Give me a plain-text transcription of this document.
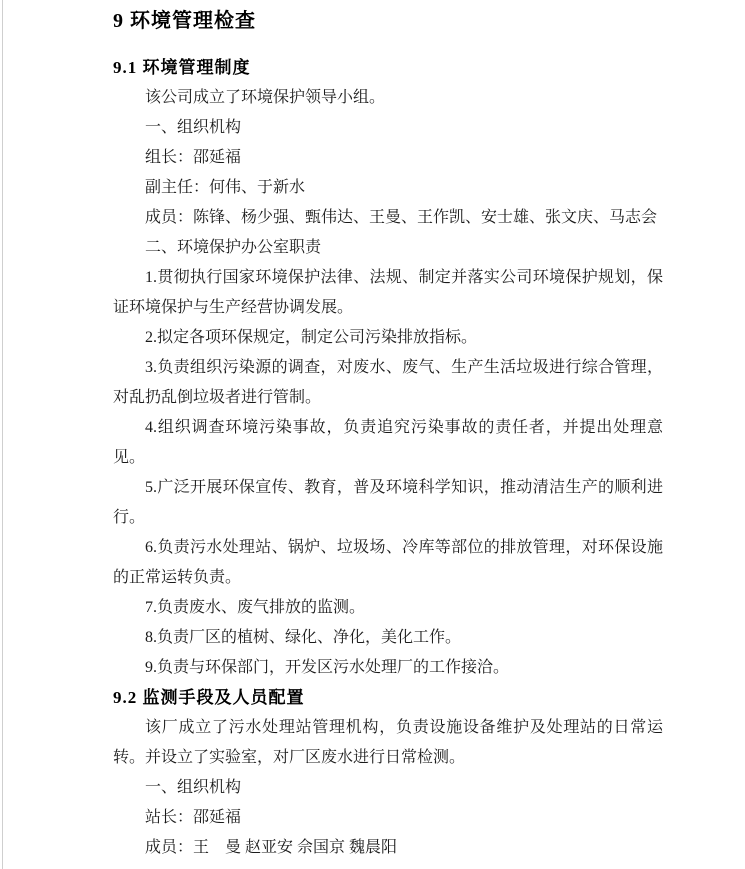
9 环境管理检查
9.1 环境管理制度

该公司成立了环境保护领导小组。

一、组织机构

组长：邵延福

副主任：何伟、于新水

成员：陈锋、杨少强、甄伟达、王曼、王作凯、安士雄、张文庆、马志会

二、环境保护办公室职责

1.贯彻执行国家环境保护法律、法规、制定并落实公司环境保护规划，保证环境保护与生产经营协调发展。

2.拟定各项环保规定，制定公司污染排放指标。

3.负责组织污染源的调查，对废水、废气、生产生活垃圾进行综合管理，对乱扔乱倒垃圾者进行管制。

4.组织调查环境污染事故，负责追究污染事故的责任者，并提出处理意见。

5.广泛开展环保宣传、教育，普及环境科学知识，推动清洁生产的顺利进行。

6.负责污水处理站、锅炉、垃圾场、冷库等部位的排放管理，对环保设施的正常运转负责。

7.负责废水、废气排放的监测。

8.负责厂区的植树、绿化、净化，美化工作。

9.负责与环保部门，开发区污水处理厂的工作接洽。

9.2 监测手段及人员配置

该厂成立了污水处理站管理机构，负责设施设备维护及处理站的日常运转。并设立了实验室，对厂区废水进行日常检测。

一、组织机构

站长：邵延福

成员：王　曼 赵亚安 佘国京 魏晨阳
